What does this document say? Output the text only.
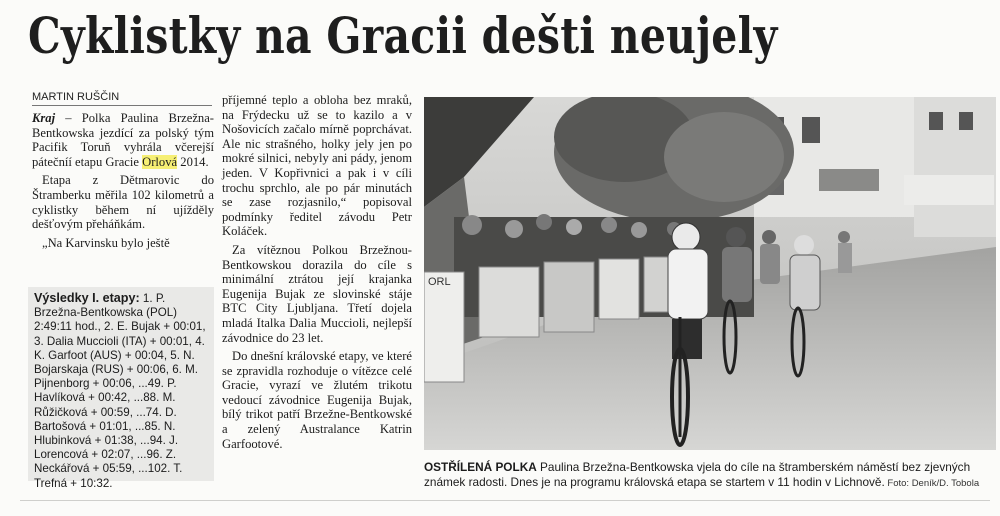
Cyklistky na Gracii dešti neujely
MARTIN RUŠČIN

Kraj – Polka Paulina Brzežna-Bentkowska jezdící za polský tým Pacifik Toruň vyhrála včerejší pátečníí etapu Gracie Orlová 2014.

Etapa z Dětmarovic do Štramberku měřila 102 kilometrů a cyklistky během ní ujížděly dešťovým přeháňkám.

„Na Karvinsku bylo ještě

Výsledky I. etapy: 1. P. Brzežna-Bentkowska (POL) 2:49:11 hod., 2. E. Bujak + 00:01, 3. Dalia Muccioli (ITA) + 00:01, 4. K. Garfoot (AUS) + 00:04, 5. N. Bojarskaja (RUS) + 00:06, 6. M. Pijnenborg + 00:06, ...49. P. Havlíková + 00:42, ...88. M. Růžičková + 00:59, ...74. D. Bartošová + 01:01, ...85. N. Hlubinková + 01:38, ...94. J. Lorencová + 02:07, ...96. Z. Neckářová + 05:59, ...102. T. Trefná + 10:32.

příjemné teplo a obloha bez mraků, na Frýdecku už se to kazilo a v Nošovicích začalo mírně poprchávat. Ale nic strašného, holky jely jen po mokré silnici, nebyly ani pády, jenom jeden. V Kopřivnici a pak i v cíli trochu sprchlo, ale po pár minutách se zase rozjasnilo,“ popisoval podmínky ředitel závodu Petr Koláček.

Za vítěznou Polkou Brzežnou-Bentkowskou dorazila do cíle s minimální ztrátou její krajanka Eugenija Bujak ze slovinské stáje BTC City Ljubljana. Třetí dojela mladá Italka Dalia Muccioli, nejlepší závodnice do 23 let.

Do dnešní královské etapy, ve které se zpravidla rozhoduje o vítězce celé Gracie, vyrazí ve žlutém trikotu vedoucí závodnice Eugenija Bujak, bílý trikot patří Brzežne-Bentkowské a zelený Australance Katrin Garfootové.

ORL
OSTŘÍLENÁ POLKA Paulina Brzežna-Bentkowska vjela do cíle na štramberském náměstí bez zjevných známek radosti. Dnes je na programu královská etapa se startem v 11 hodin v Lichnově. Foto: Deník/D. Tobola
